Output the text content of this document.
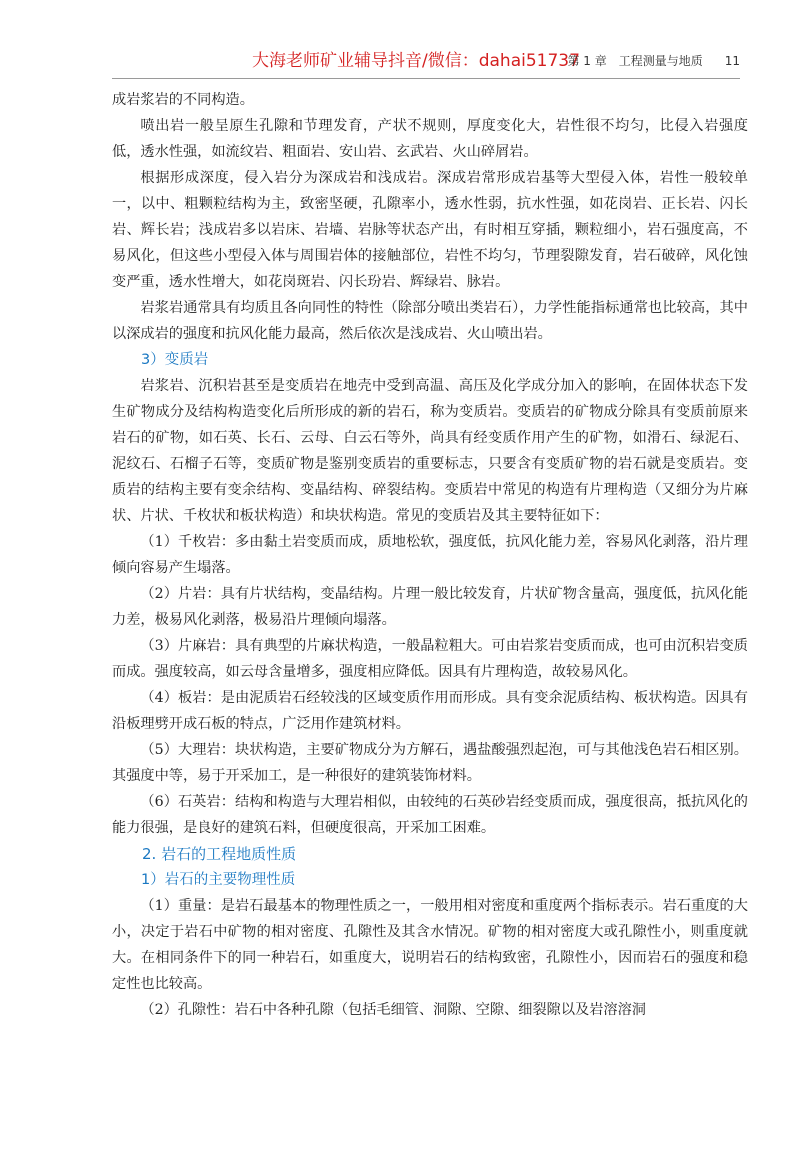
大海老师矿业辅导抖音/微信：dahai51737
第 1 章　工程测量与地质 11

成岩浆岩的不同构造。

喷出岩一般呈原生孔隙和节理发育，产状不规则，厚度变化大，岩性很不均匀，比侵入岩强度低，透水性强，如流纹岩、粗面岩、安山岩、玄武岩、火山碎屑岩。

根据形成深度，侵入岩分为深成岩和浅成岩。深成岩常形成岩基等大型侵入体，岩性一般较单一，以中、粗颗粒结构为主，致密坚硬，孔隙率小，透水性弱，抗水性强，如花岗岩、正长岩、闪长岩、辉长岩；浅成岩多以岩床、岩墙、岩脉等状态产出，有时相互穿插，颗粒细小，岩石强度高，不易风化，但这些小型侵入体与周围岩体的接触部位，岩性不均匀，节理裂隙发育，岩石破碎，风化蚀变严重，透水性增大，如花岗斑岩、闪长玢岩、辉绿岩、脉岩。

岩浆岩通常具有均质且各向同性的特性（除部分喷出类岩石），力学性能指标通常也比较高，其中以深成岩的强度和抗风化能力最高，然后依次是浅成岩、火山喷出岩。

3）变质岩

岩浆岩、沉积岩甚至是变质岩在地壳中受到高温、高压及化学成分加入的影响，在固体状态下发生矿物成分及结构构造变化后所形成的新的岩石，称为变质岩。变质岩的矿物成分除具有变质前原来岩石的矿物，如石英、长石、云母、白云石等外，尚具有经变质作用产生的矿物，如滑石、绿泥石、泥纹石、石榴子石等，变质矿物是鉴别变质岩的重要标志，只要含有变质矿物的岩石就是变质岩。变质岩的结构主要有变余结构、变晶结构、碎裂结构。变质岩中常见的构造有片理构造（又细分为片麻状、片状、千枚状和板状构造）和块状构造。常见的变质岩及其主要特征如下：

（1）千枚岩：多由黏土岩变质而成，质地松软，强度低，抗风化能力差，容易风化剥落，沿片理倾向容易产生塌落。

（2）片岩：具有片状结构，变晶结构。片理一般比较发育，片状矿物含量高，强度低，抗风化能力差，极易风化剥落，极易沿片理倾向塌落。

（3）片麻岩：具有典型的片麻状构造，一般晶粒粗大。可由岩浆岩变质而成，也可由沉积岩变质而成。强度较高，如云母含量增多，强度相应降低。因具有片理构造，故较易风化。

（4）板岩：是由泥质岩石经较浅的区域变质作用而形成。具有变余泥质结构、板状构造。因具有沿板理劈开成石板的特点，广泛用作建筑材料。

（5）大理岩：块状构造，主要矿物成分为方解石，遇盐酸强烈起泡，可与其他浅色岩石相区别。其强度中等，易于开采加工，是一种很好的建筑装饰材料。

（6）石英岩：结构和构造与大理岩相似，由较纯的石英砂岩经变质而成，强度很高，抵抗风化的能力很强，是良好的建筑石料，但硬度很高，开采加工困难。

2. 岩石的工程地质性质
1）岩石的主要物理性质

（1）重量：是岩石最基本的物理性质之一，一般用相对密度和重度两个指标表示。岩石重度的大小，决定于岩石中矿物的相对密度、孔隙性及其含水情况。矿物的相对密度大或孔隙性小，则重度就大。在相同条件下的同一种岩石，如重度大，说明岩石的结构致密，孔隙性小，因而岩石的强度和稳定性也比较高。

（2）孔隙性：岩石中各种孔隙（包括毛细管、洞隙、空隙、细裂隙以及岩溶溶洞
